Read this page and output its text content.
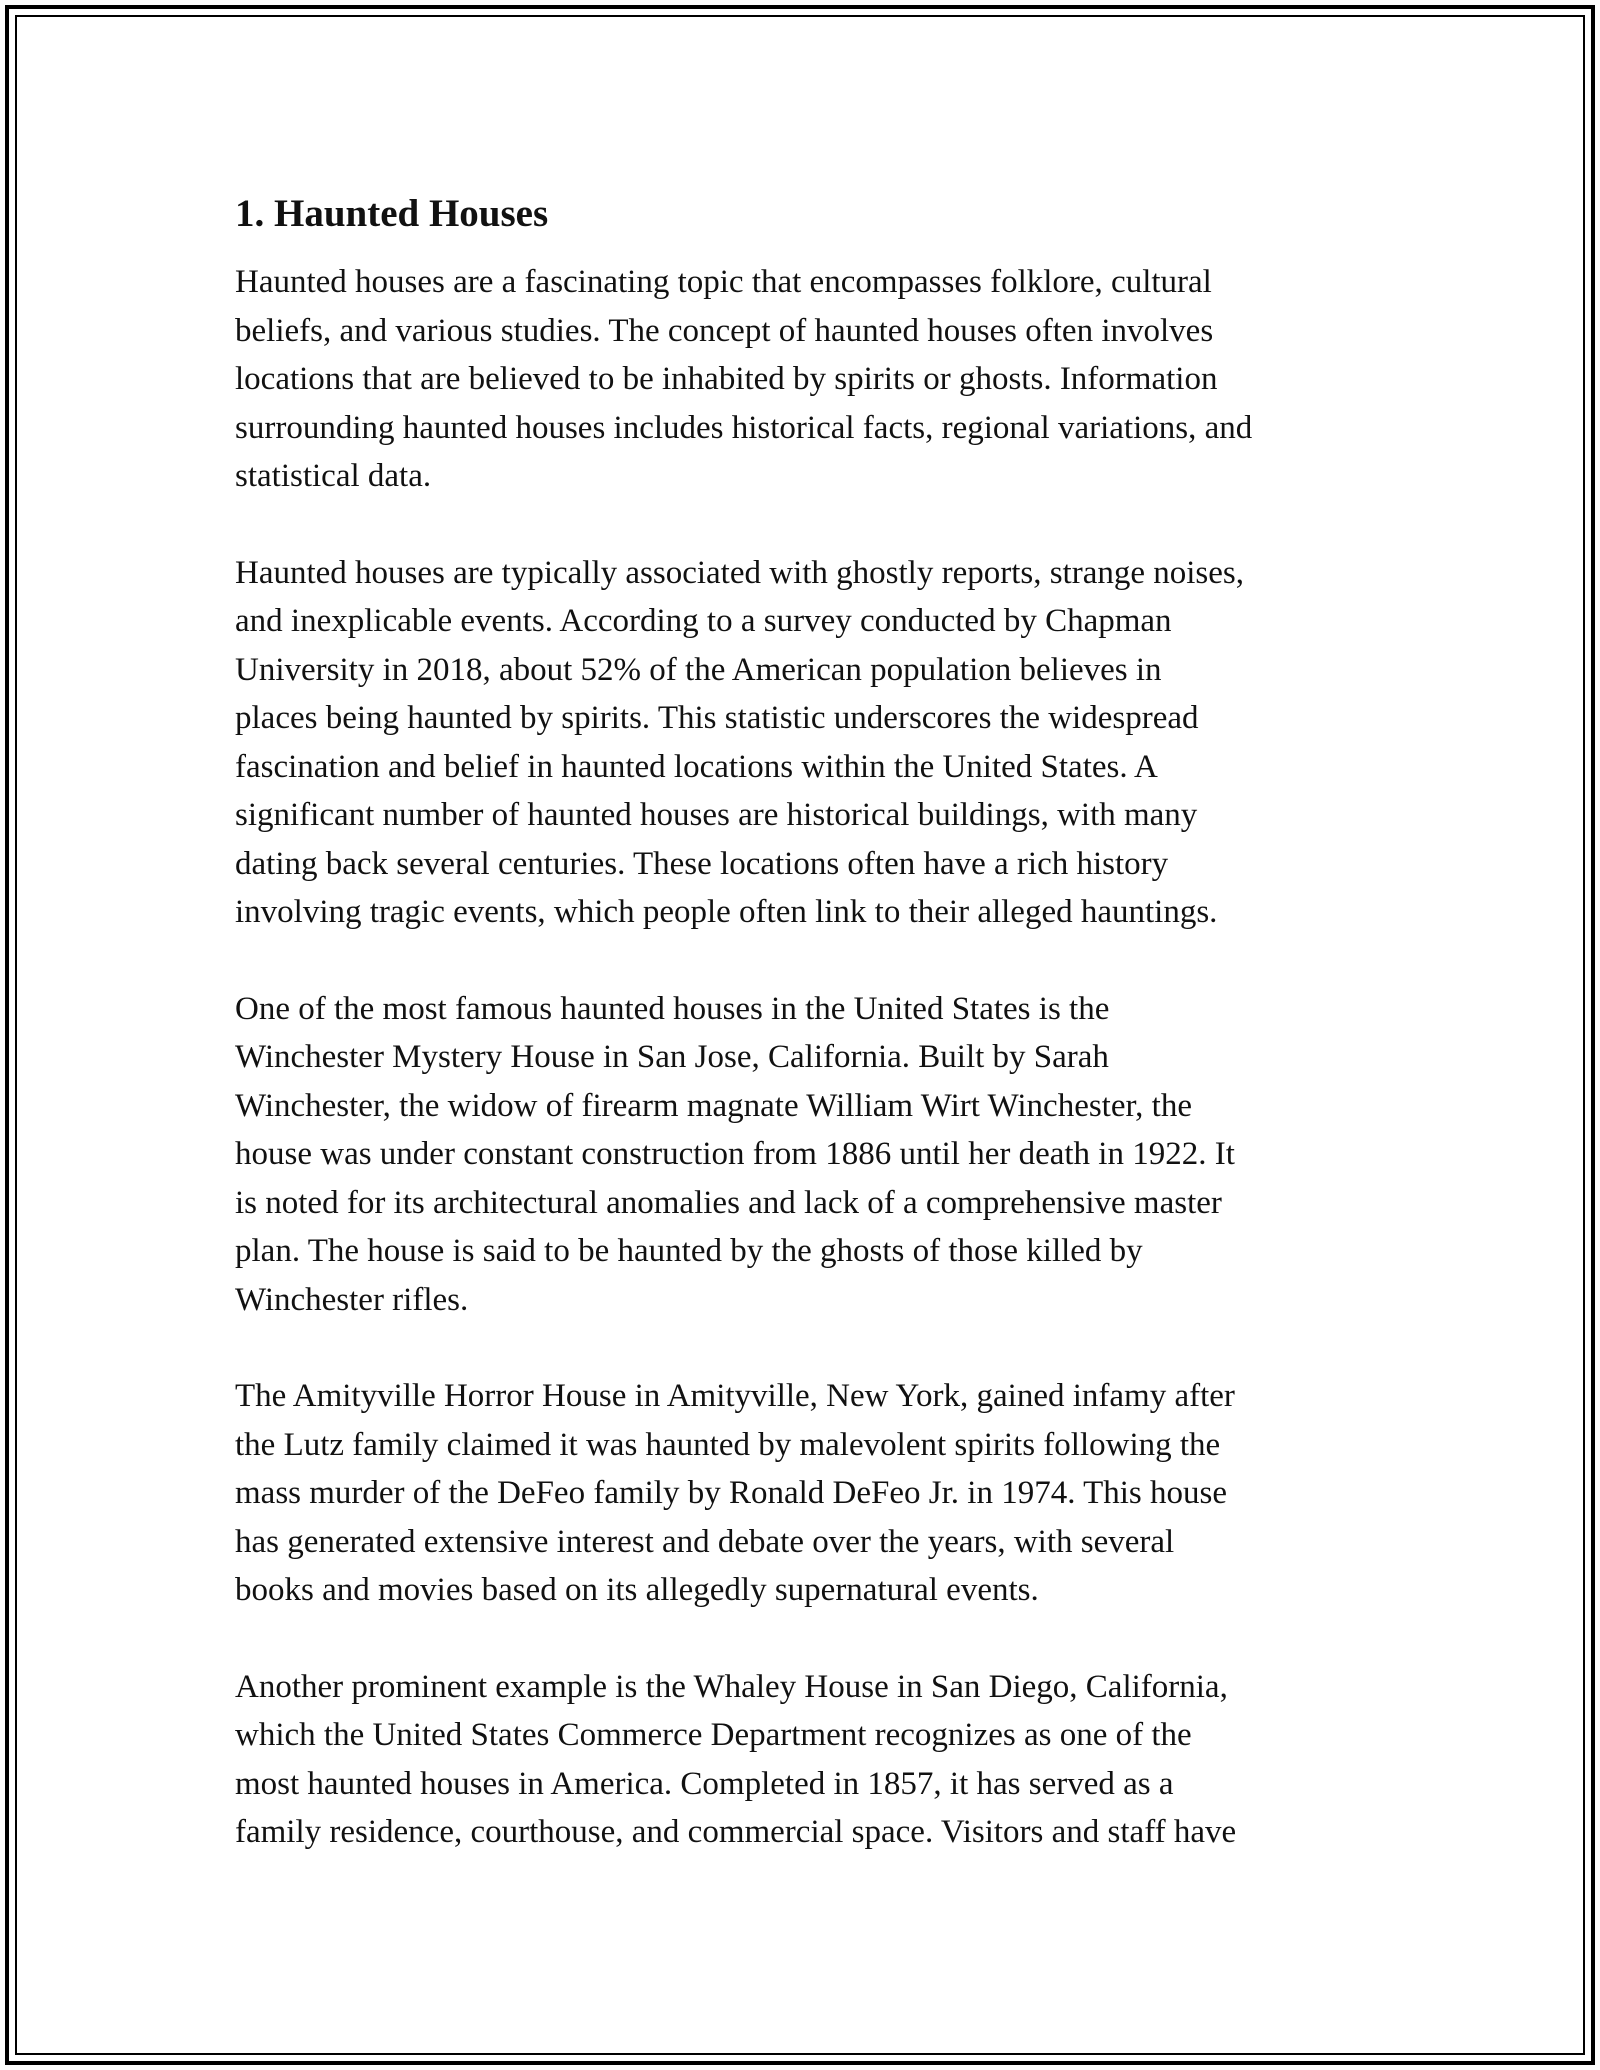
1. Haunted Houses

Haunted houses are a fascinating topic that encompasses folklore, cultural
beliefs, and various studies. The concept of haunted houses often involves
locations that are believed to be inhabited by spirits or ghosts. Information
surrounding haunted houses includes historical facts, regional variations, and
statistical data.

Haunted houses are typically associated with ghostly reports, strange noises,
and inexplicable events. According to a survey conducted by Chapman
University in 2018, about 52% of the American population believes in
places being haunted by spirits. This statistic underscores the widespread
fascination and belief in haunted locations within the United States. A
significant number of haunted houses are historical buildings, with many
dating back several centuries. These locations often have a rich history
involving tragic events, which people often link to their alleged hauntings.

One of the most famous haunted houses in the United States is the
Winchester Mystery House in San Jose, California. Built by Sarah
Winchester, the widow of firearm magnate William Wirt Winchester, the
house was under constant construction from 1886 until her death in 1922. It
is noted for its architectural anomalies and lack of a comprehensive master
plan. The house is said to be haunted by the ghosts of those killed by
Winchester rifles.

The Amityville Horror House in Amityville, New York, gained infamy after
the Lutz family claimed it was haunted by malevolent spirits following the
mass murder of the DeFeo family by Ronald DeFeo Jr. in 1974. This house
has generated extensive interest and debate over the years, with several
books and movies based on its allegedly supernatural events.

Another prominent example is the Whaley House in San Diego, California,
which the United States Commerce Department recognizes as one of the
most haunted houses in America. Completed in 1857, it has served as a
family residence, courthouse, and commercial space. Visitors and staff have
